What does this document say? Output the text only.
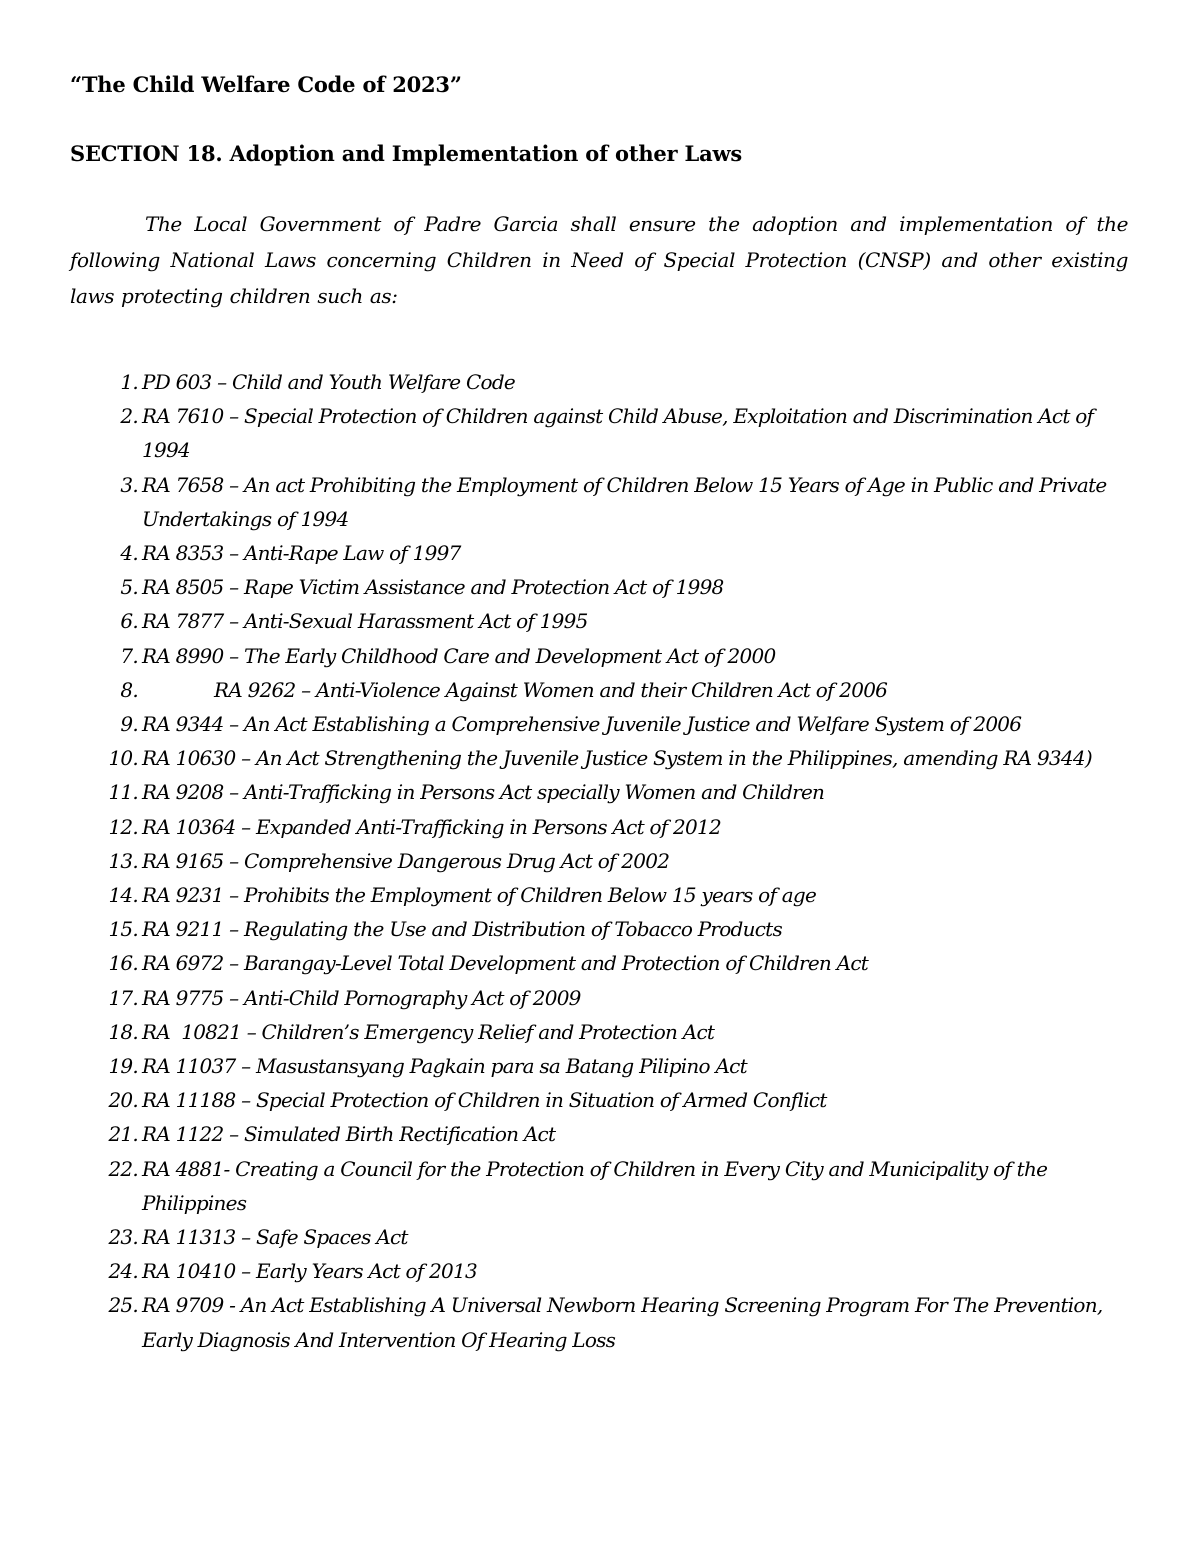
“The Child Welfare Code of 2023”
SECTION 18. Adoption and Implementation of other Laws

The Local Government of Padre Garcia shall ensure the adoption and implementation of the following National Laws concerning Children in Need of Special Protection (CNSP) and other existing laws protecting children such as:

1. PD 603 – Child and Youth Welfare Code
2. RA 7610 – Special Protection of Children against Child Abuse, Exploitation and Discrimination Act of 1994
3. RA 7658 – An act Prohibiting the Employment of Children Below 15 Years of Age in Public and Private Undertakings of 1994
4. RA 8353 – Anti-Rape Law of 1997
5. RA 8505 – Rape Victim Assistance and Protection Act of 1998
6. RA 7877 – Anti-Sexual Harassment Act of 1995
7. RA 8990 – The Early Childhood Care and Development Act of 2000
8.	RA 9262 – Anti-Violence Against Women and their Children Act of 2006
9. RA 9344 – An Act Establishing a Comprehensive Juvenile Justice and Welfare System of 2006
10. RA 10630 – An Act Strengthening the Juvenile Justice System in the Philippines, amending RA 9344)
11. RA 9208 – Anti-Trafficking in Persons Act specially Women and Children
12. RA 10364 – Expanded Anti-Trafficking in Persons Act of 2012
13. RA 9165 – Comprehensive Dangerous Drug Act of 2002
14. RA 9231 – Prohibits the Employment of Children Below 15 years of age
15. RA 9211 – Regulating the Use and Distribution of Tobacco Products
16. RA 6972 – Barangay-Level Total Development and Protection of Children Act
17. RA 9775 – Anti-Child Pornography Act of 2009
18. RA  10821 – Children’s Emergency Relief and Protection Act
19. RA 11037 – Masustansyang Pagkain para sa Batang Pilipino Act
20. RA 11188 – Special Protection of Children in Situation of Armed Conflict
21. RA 1122 – Simulated Birth Rectification Act
22. RA 4881- Creating a Council for the Protection of Children in Every City and Municipality of the Philippines
23. RA 11313 – Safe Spaces Act
24. RA 10410 – Early Years Act of 2013
25. RA 9709 - An Act Establishing A Universal Newborn Hearing Screening Program For The Prevention, Early Diagnosis And Intervention Of Hearing Loss
